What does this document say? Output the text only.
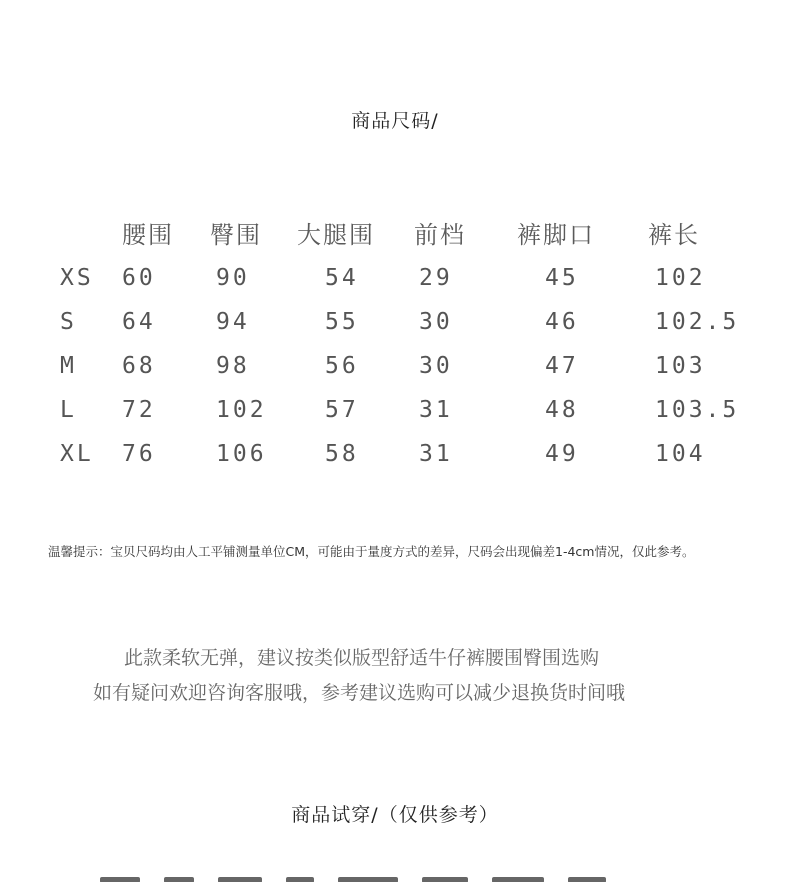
商品尺码/
腰围 臀围 大腿围 前档 裤脚口 裤长
XS 60	90	54	29	45	102
S 64	94	55	30	46	102.5
M 68	98	56	30	47	103
L 72	102	57	31	48	103.5
XL 76	106	58	31	49	104
温馨提示：宝贝尺码均由人工平铺测量单位CM，可能由于量度方式的差异，尺码会出现偏差1-4cm情况，仅此参考。
此款柔软无弹，建议按类似版型舒适牛仔裤腰围臀围选购
如有疑问欢迎咨询客服哦，参考建议选购可以减少退换货时间哦
商品试穿/（仅供参考）
